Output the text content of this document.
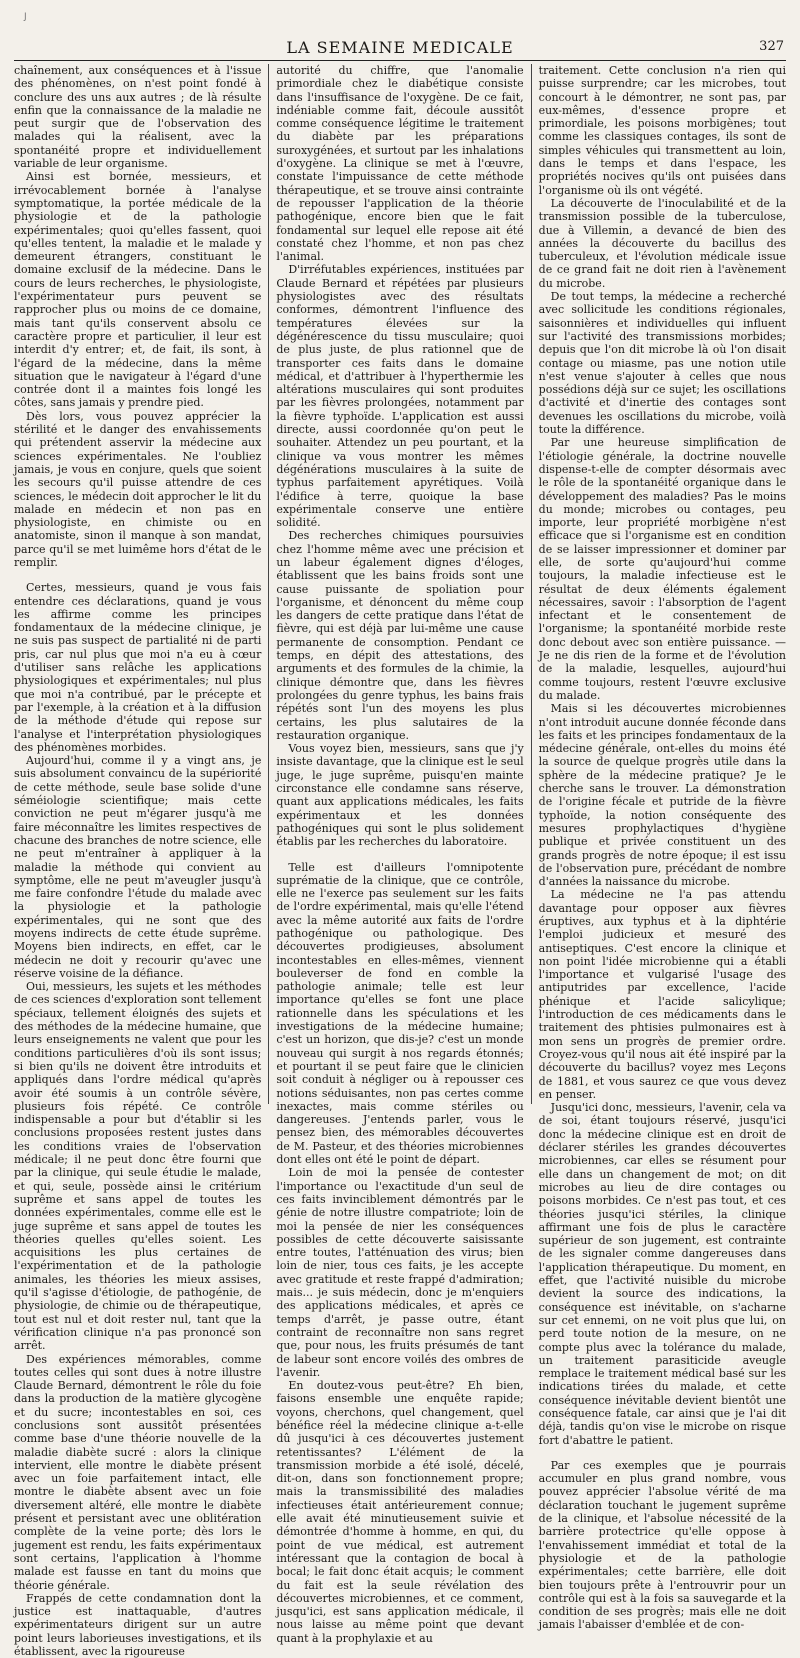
J
LA SEMAINE MEDICALE	327

chaînement, aux conséquences et à l'issue des phénomènes, on n'est point fondé à conclure des uns aux autres ; de là résulte enfin que la connaissance de la maladie ne peut surgir que de l'observation des malades qui la réalisent, avec la spontanéité propre et individuellement variable de leur organisme.

Ainsi est bornée, messieurs, et irrévocablement bornée à l'analyse symptomatique, la portée médicale de la physiologie et de la pathologie expérimentales; quoi qu'elles fassent, quoi qu'elles tentent, la maladie et le malade y demeurent étrangers, constituant le domaine exclusif de la médecine. Dans le cours de leurs recherches, le physiologiste, l'expérimentateur purs peuvent se rapprocher plus ou moins de ce domaine, mais tant qu'ils conservent absolu ce caractère propre et particulier, il leur est interdit d'y entrer; et, de fait, ils sont, à l'égard de la médecine, dans la même situation que le navigateur à l'égard d'une contrée dont il a maintes fois longé les côtes, sans jamais y prendre pied.

Dès lors, vous pouvez apprécier la stérilité et le danger des envahissements qui prétendent asservir la médecine aux sciences expérimentales. Ne l'oubliez jamais, je vous en conjure, quels que soient les secours qu'il puisse attendre de ces sciences, le médecin doit approcher le lit du malade en médecin et non pas en physiologiste, en chimiste ou en anatomiste, sinon il manque à son mandat, parce qu'il se met luimême hors d'état de le remplir.

Certes, messieurs, quand je vous fais entendre ces déclarations, quand je vous les affirme comme les principes fondamentaux de la médecine clinique, je ne suis pas suspect de partialité ni de parti pris, car nul plus que moi n'a eu à cœur d'utiliser sans relâche les applications physiologiques et expérimentales; nul plus que moi n'a contribué, par le précepte et par l'exemple, à la création et à la diffusion de la méthode d'étude qui repose sur l'analyse et l'interprétation physiologiques des phénomènes morbides.

Aujourd'hui, comme il y a vingt ans, je suis absolument convaincu de la supériorité de cette méthode, seule base solide d'une séméiologie scientifique; mais cette conviction ne peut m'égarer jusqu'à me faire méconnaître les limites respectives de chacune des branches de notre science, elle ne peut m'entraîner à appliquer à la maladie la méthode qui convient au symptôme, elle ne peut m'aveugler jusqu'à me faire confondre l'étude du malade avec la physiologie et la pathologie expérimentales, qui ne sont que des moyens indirects de cette étude suprême. Moyens bien indirects, en effet, car le médecin ne doit y recourir qu'avec une réserve voisine de la défiance.

Oui, messieurs, les sujets et les méthodes de ces sciences d'exploration sont tellement spéciaux, tellement éloignés des sujets et des méthodes de la médecine humaine, que leurs enseignements ne valent que pour les conditions particulières d'où ils sont issus; si bien qu'ils ne doivent être introduits et appliqués dans l'ordre médical qu'après avoir été soumis à un contrôle sévère, plusieurs fois répété. Ce contrôle indispensable a pour but d'établir si les conclusions proposées restent justes dans les conditions vraies de l'observation médicale; il ne peut donc être fourni que par la clinique, qui seule étudie le malade, et qui, seule, possède ainsi le critérium suprême et sans appel de toutes les données expérimentales, comme elle est le juge suprême et sans appel de toutes les théories quelles qu'elles soient. Les acquisitions les plus certaines de l'expérimentation et de la pathologie animales, les théories les mieux assises, qu'il s'agisse d'étiologie, de pathogénie, de physiologie, de chimie ou de thérapeutique, tout est nul et doit rester nul, tant que la vérification clinique n'a pas prononcé son arrêt.

Des expériences mémorables, comme toutes celles qui sont dues à notre illustre Claude Bernard, démontrent le rôle du foie dans la production de la matière glycogène et du sucre; incontestables en soi, ces conclusions sont aussitôt présentées comme base d'une théorie nouvelle de la maladie diabète sucré : alors la clinique intervient, elle montre le diabète présent avec un foie parfaitement intact, elle montre le diabète absent avec un foie diversement altéré, elle montre le diabète présent et persistant avec une oblitération complète de la veine porte; dès lors le jugement est rendu, les faits expérimentaux sont certains, l'application à l'homme malade est fausse en tant du moins que théorie générale.

Frappés de cette condamnation dont la justice est inattaquable, d'autres expérimentateurs dirigent sur un autre point leurs laborieuses investigations, et ils établissent, avec la rigoureuse

autorité du chiffre, que l'anomalie primordiale chez le diabétique consiste dans l'insuffisance de l'oxygène. De ce fait, indéniable comme fait, découle aussitôt comme conséquence légitime le traitement du diabète par les préparations suroxygénées, et surtout par les inhalations d'oxygène. La clinique se met à l'œuvre, constate l'impuissance de cette méthode thérapeutique, et se trouve ainsi contrainte de repousser l'application de la théorie pathogénique, encore bien que le fait fondamental sur lequel elle repose ait été constaté chez l'homme, et non pas chez l'animal.

D'irréfutables expériences, instituées par Claude Bernard et répétées par plusieurs physiologistes avec des résultats conformes, démontrent l'influence des températures élevées sur la dégénérescence du tissu musculaire; quoi de plus juste, de plus rationnel que de transporter ces faits dans le domaine médical, et d'attribuer à l'hyperthermie les altérations musculaires qui sont produites par les fièvres prolongées, notamment par la fièvre typhoïde. L'application est aussi directe, aussi coordonnée qu'on peut le souhaiter. Attendez un peu pourtant, et la clinique va vous montrer les mêmes dégénérations musculaires à la suite de typhus parfaitement apyrétiques. Voilà l'édifice à terre, quoique la base expérimentale conserve une entière solidité.

Des recherches chimiques poursuivies chez l'homme même avec une précision et un labeur également dignes d'éloges, établissent que les bains froids sont une cause puissante de spoliation pour l'organisme, et dénoncent du même coup les dangers de cette pratique dans l'état de fièvre, qui est déjà par lui-même une cause permanente de consomption. Pendant ce temps, en dépit des attestations, des arguments et des formules de la chimie, la clinique démontre que, dans les fièvres prolongées du genre typhus, les bains frais répétés sont l'un des moyens les plus certains, les plus salutaires de la restauration organique.

Vous voyez bien, messieurs, sans que j'y insiste davantage, que la clinique est le seul juge, le juge suprême, puisqu'en mainte circonstance elle condamne sans réserve, quant aux applications médicales, les faits expérimentaux et les données pathogéniques qui sont le plus solidement établis par les recherches du laboratoire.

Telle est d'ailleurs l'omnipotente suprématie de la clinique, que ce contrôle, elle ne l'exerce pas seulement sur les faits de l'ordre expérimental, mais qu'elle l'étend avec la même autorité aux faits de l'ordre pathogénique ou pathologique. Des découvertes prodigieuses, absolument incontestables en elles-mêmes, viennent bouleverser de fond en comble la pathologie animale; telle est leur importance qu'elles se font une place rationnelle dans les spéculations et les investigations de la médecine humaine; c'est un horizon, que dis-je? c'est un monde nouveau qui surgit à nos regards étonnés; et pourtant il se peut faire que le clinicien soit conduit à négliger ou à repousser ces notions séduisantes, non pas certes comme inexactes, mais comme stériles ou dangereuses. J'entends parler, vous le pensez bien, des mémorables découvertes de M. Pasteur, et des théories microbiennes dont elles ont été le point de départ.

Loin de moi la pensée de contester l'importance ou l'exactitude d'un seul de ces faits invinciblement démontrés par le génie de notre illustre compatriote; loin de moi la pensée de nier les conséquences possibles de cette découverte saisissante entre toutes, l'atténuation des virus; bien loin de nier, tous ces faits, je les accepte avec gratitude et reste frappé d'admiration; mais... je suis médecin, donc je m'enquiers des applications médicales, et après ce temps d'arrêt, je passe outre, étant contraint de reconnaître non sans regret que, pour nous, les fruits présumés de tant de labeur sont encore voilés des ombres de l'avenir.

En doutez-vous peut-être? Eh bien, faisons ensemble une enquête rapide; voyons, cherchons, quel changement, quel bénéfice réel la médecine clinique a-t-elle dû jusqu'ici à ces découvertes justement retentissantes? L'élément de la transmission morbide a été isolé, décelé, dit-on, dans son fonctionnement propre; mais la transmissibilité des maladies infectieuses était antérieurement connue; elle avait été minutieusement suivie et démontrée d'homme à homme, en qui, du point de vue médical, est autrement intéressant que la contagion de bocal à bocal; le fait donc était acquis; le comment du fait est la seule révélation des découvertes microbiennes, et ce comment, jusqu'ici, est sans application médicale, il nous laisse au même point que devant quant à la prophylaxie et au

traitement. Cette conclusion n'a rien qui puisse surprendre; car les microbes, tout concourt à le démontrer, ne sont pas, par eux-mêmes, d'essence propre et primordiale, les poisons morbigènes; tout comme les classiques contages, ils sont de simples véhicules qui transmettent au loin, dans le temps et dans l'espace, les propriétés nocives qu'ils ont puisées dans l'organisme où ils ont végété.

La découverte de l'inoculabilité et de la transmission possible de la tuberculose, due à Villemin, a devancé de bien des années la découverte du bacillus des tuberculeux, et l'évolution médicale issue de ce grand fait ne doit rien à l'avènement du microbe.

De tout temps, la médecine a recherché avec sollicitude les conditions régionales, saisonnières et individuelles qui influent sur l'activité des transmissions morbides; depuis que l'on dit microbe là où l'on disait contage ou miasme, pas une notion utile n'est venue s'ajouter à celles que nous possédions déjà sur ce sujet; les oscillations d'activité et d'inertie des contages sont devenues les oscillations du microbe, voilà toute la différence.

Par une heureuse simplification de l'étiologie générale, la doctrine nouvelle dispense-t-elle de compter désormais avec le rôle de la spontanéité organique dans le développement des maladies? Pas le moins du monde; microbes ou contages, peu importe, leur propriété morbigène n'est efficace que si l'organisme est en condition de se laisser impressionner et dominer par elle, de sorte qu'aujourd'hui comme toujours, la maladie infectieuse est le résultat de deux éléments également nécessaires, savoir : l'absorption de l'agent infectant et le consentement de l'organisme; la spontanéité morbide reste donc debout avec son entière puissance. — Je ne dis rien de la forme et de l'évolution de la maladie, lesquelles, aujourd'hui comme toujours, restent l'œuvre exclusive du malade.

Mais si les découvertes microbiennes n'ont introduit aucune donnée féconde dans les faits et les principes fondamentaux de la médecine générale, ont-elles du moins été la source de quelque progrès utile dans la sphère de la médecine pratique? Je le cherche sans le trouver. La démonstration de l'origine fécale et putride de la fièvre typhoïde, la notion conséquente des mesures prophylactiques d'hygiène publique et privée constituent un des grands progrès de notre époque; il est issu de l'observation pure, précédant de nombre d'années la naissance du microbe.

La médecine ne l'a pas attendu davantage pour opposer aux fièvres éruptives, aux typhus et à la diphtérie l'emploi judicieux et mesuré des antiseptiques. C'est encore la clinique et non point l'idée microbienne qui a établi l'importance et vulgarisé l'usage des antiputrides par excellence, l'acide phénique et l'acide salicylique; l'introduction de ces médicaments dans le traitement des phtisies pulmonaires est à mon sens un progrès de premier ordre. Croyez-vous qu'il nous ait été inspiré par la découverte du bacillus? voyez mes Leçons de 1881, et vous saurez ce que vous devez en penser.

Jusqu'ici donc, messieurs, l'avenir, cela va de soi, étant toujours réservé, jusqu'ici donc la médecine clinique est en droit de déclarer stériles les grandes découvertes microbiennes, car elles se résument pour elle dans un changement de mot; on dit microbes au lieu de dire contages ou poisons morbides. Ce n'est pas tout, et ces théories jusqu'ici stériles, la clinique affirmant une fois de plus le caractère supérieur de son jugement, est contrainte de les signaler comme dangereuses dans l'application thérapeutique. Du moment, en effet, que l'activité nuisible du microbe devient la source des indications, la conséquence est inévitable, on s'acharne sur cet ennemi, on ne voit plus que lui, on perd toute notion de la mesure, on ne compte plus avec la tolérance du malade, un traitement parasiticide aveugle remplace le traitement médical basé sur les indications tirées du malade, et cette conséquence inévitable devient bientôt une conséquence fatale, car ainsi que je l'ai dit déjà, tandis qu'on vise le microbe on risque fort d'abattre le patient.

Par ces exemples que je pourrais accumuler en plus grand nombre, vous pouvez apprécier l'absolue vérité de ma déclaration touchant le jugement suprême de la clinique, et l'absolue nécessité de la barrière protectrice qu'elle oppose à l'envahissement immédiat et total de la physiologie et de la pathologie expérimentales; cette barrière, elle doit bien toujours prête à l'entrouvrir pour un contrôle qui est à la fois sa sauvegarde et la condition de ses progrès; mais elle ne doit jamais l'abaisser d'emblée et de con-
